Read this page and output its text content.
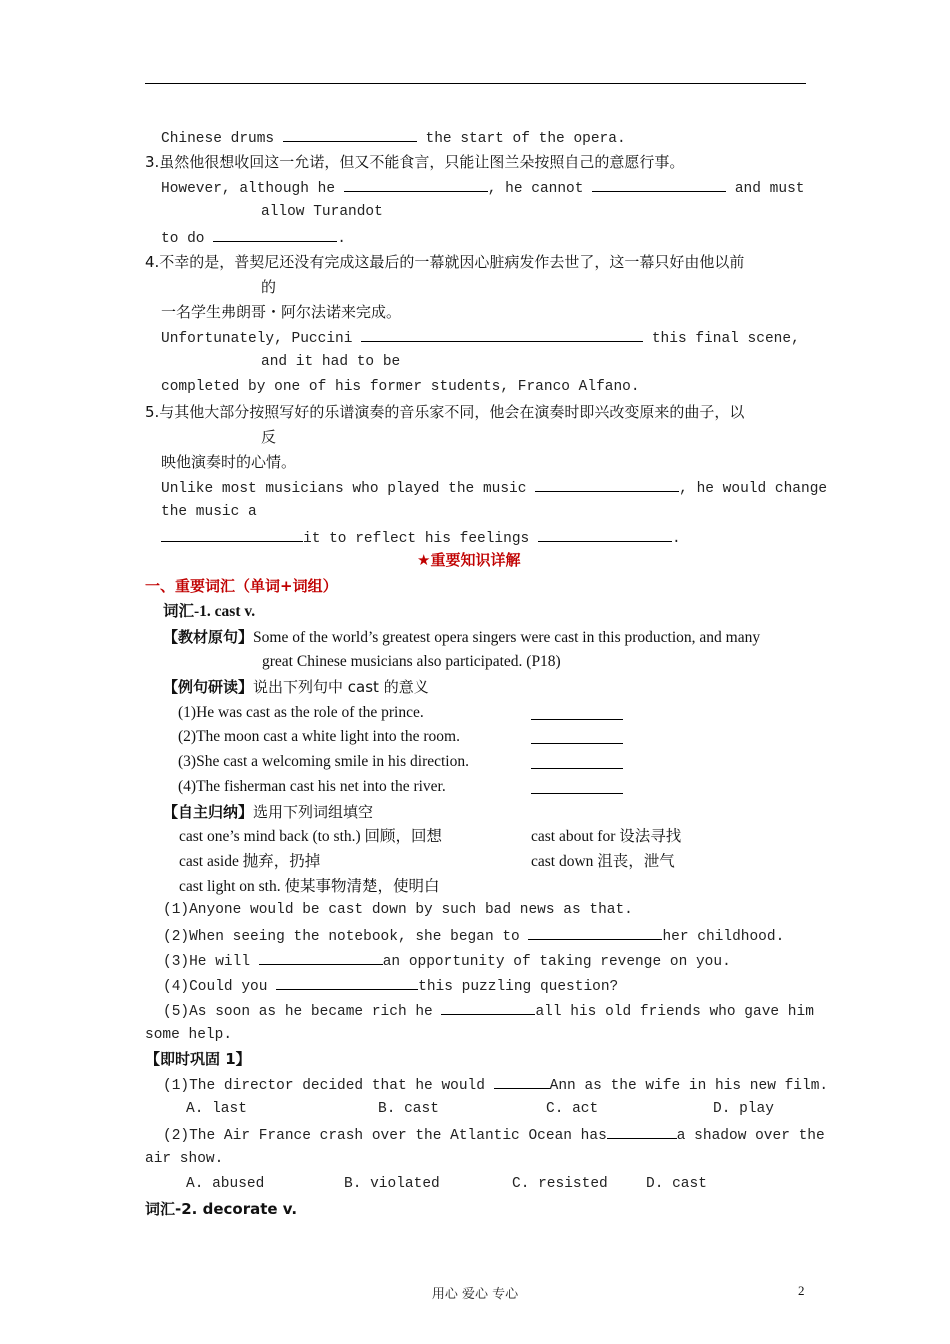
Chinese drums	the start of the opera.
3.虽然他很想收回这一允诺，但又不能食言，只能让图兰朵按照自己的意愿行事。
However, although he	, he cannot	and must
allow Turandot
to do	.
4.不幸的是，普契尼还没有完成这最后的一幕就因心脏病发作去世了，这一幕只好由他以前
的
一名学生弗朗哥・阿尔法诺来完成。
Unfortunately, Puccini	this final scene,
and it had to be
completed by one of his former students, Franco Alfano.
5.与其他大部分按照写好的乐谱演奏的音乐家不同，他会在演奏时即兴改变原来的曲子，以
反
映他演奏时的心情。
Unlike most musicians who played the music	, he would change
the music a
it to reflect his feelings	.
★重要知识详解
一、重要词汇（单词+词组）
词汇-1. cast v.
【教材原句】Some of the world’s greatest opera singers were cast in this production, and many
great Chinese musicians also participated. (P18)
【例句研读】说出下列句中 cast 的意义
(1)He was cast as the role of the prince.
(2)The moon cast a white light into the room.
(3)She cast a welcoming smile in his direction.
(4)The fisherman cast his net into the river.
【自主归纳】选用下列词组填空
cast one’s mind back (to sth.) 回顾，回想	cast about for 设法寻找
cast aside 抛弃，扔掉	cast down 沮丧，泄气
cast light on sth. 使某事物清楚，使明白
(1)Anyone would be cast down by such bad news as that.
(2)When seeing the notebook, she began to	her childhood.
(3)He will	an opportunity of taking revenge on you.
(4)Could you	this puzzling question?
(5)As soon as he became rich he	all his old friends who gave him
some help.
【即时巩固 1】
(1)The director decided that he would	Ann as the wife in his new film.
A. last	B. cast	C. act	D. play
(2)The Air France crash over the Atlantic Ocean has	a shadow over the
air show.
A. abused	B. violated	C. resisted	D. cast
词汇-2. decorate v.
用心 爱心 专心	2
